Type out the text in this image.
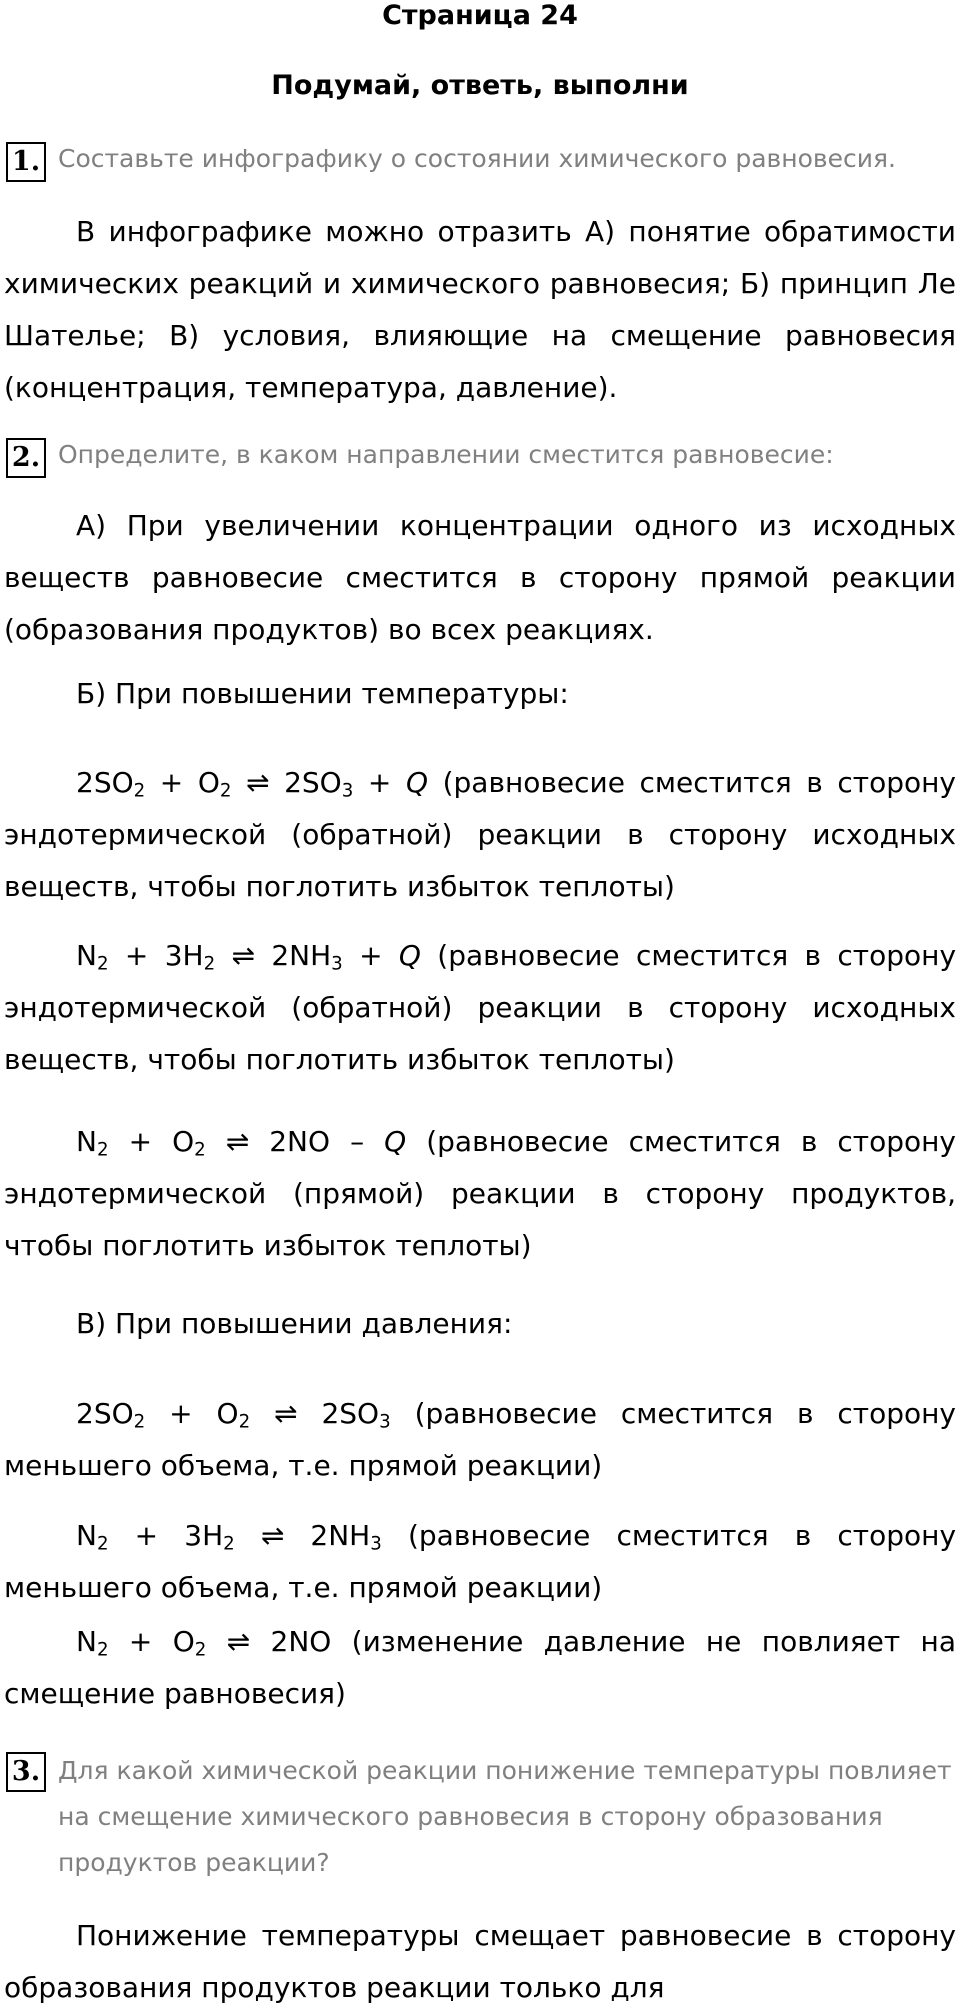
Страница 24
Подумай, ответь, выполни
1. Составьте инфографику о состоянии химического равновесия.
В инфографике можно отразить А) понятие обратимости химических реакций и химического равновесия; Б) принцип Ле Шателье; В) условия, влияющие на смещение равновесия (концентрация, температура, давление).
2. Определите, в каком направлении сместится равновесие:
А) При увеличении концентрации одного из исходных веществ равновесие сместится в сторону прямой реакции (образования продуктов) во всех реакциях.
Б) При повышении температуры:
$2SO_2 + O_2$ ⇌ $2SO_3 + Q$ (равновесие сместится в сторону эндотермической (обратной) реакции в сторону исходных веществ, чтобы поглотить избыток теплоты)
$N_2 + 3H_2$ ⇌ $2NH_3 + Q$ (равновесие сместится в сторону эндотермической (обратной) реакции в сторону исходных веществ, чтобы поглотить избыток теплоты)
$N_2 + O_2$ ⇌ 2NO – Q (равновесие сместится в сторону эндотермической (прямой) реакции в сторону продуктов, чтобы поглотить избыток теплоты)
В) При повышении давления:
$2SO_2 + O_2$ ⇌ $2SO_3$ (равновесие сместится в сторону меньшего объема, т.е. прямой реакции)
$N_2 + 3H_2$ ⇌ $2NH_3$ (равновесие сместится в сторону меньшего объема, т.е. прямой реакции)
$N_2 + O_2$ ⇌ 2NO (изменение давление не повлияет на смещение равновесия)
3. Для какой химической реакции понижение температуры повлияет на смещение химического равновесия в сторону образования продуктов реакции?
Понижение температуры смещает равновесие в сторону образования продуктов реакции только для
